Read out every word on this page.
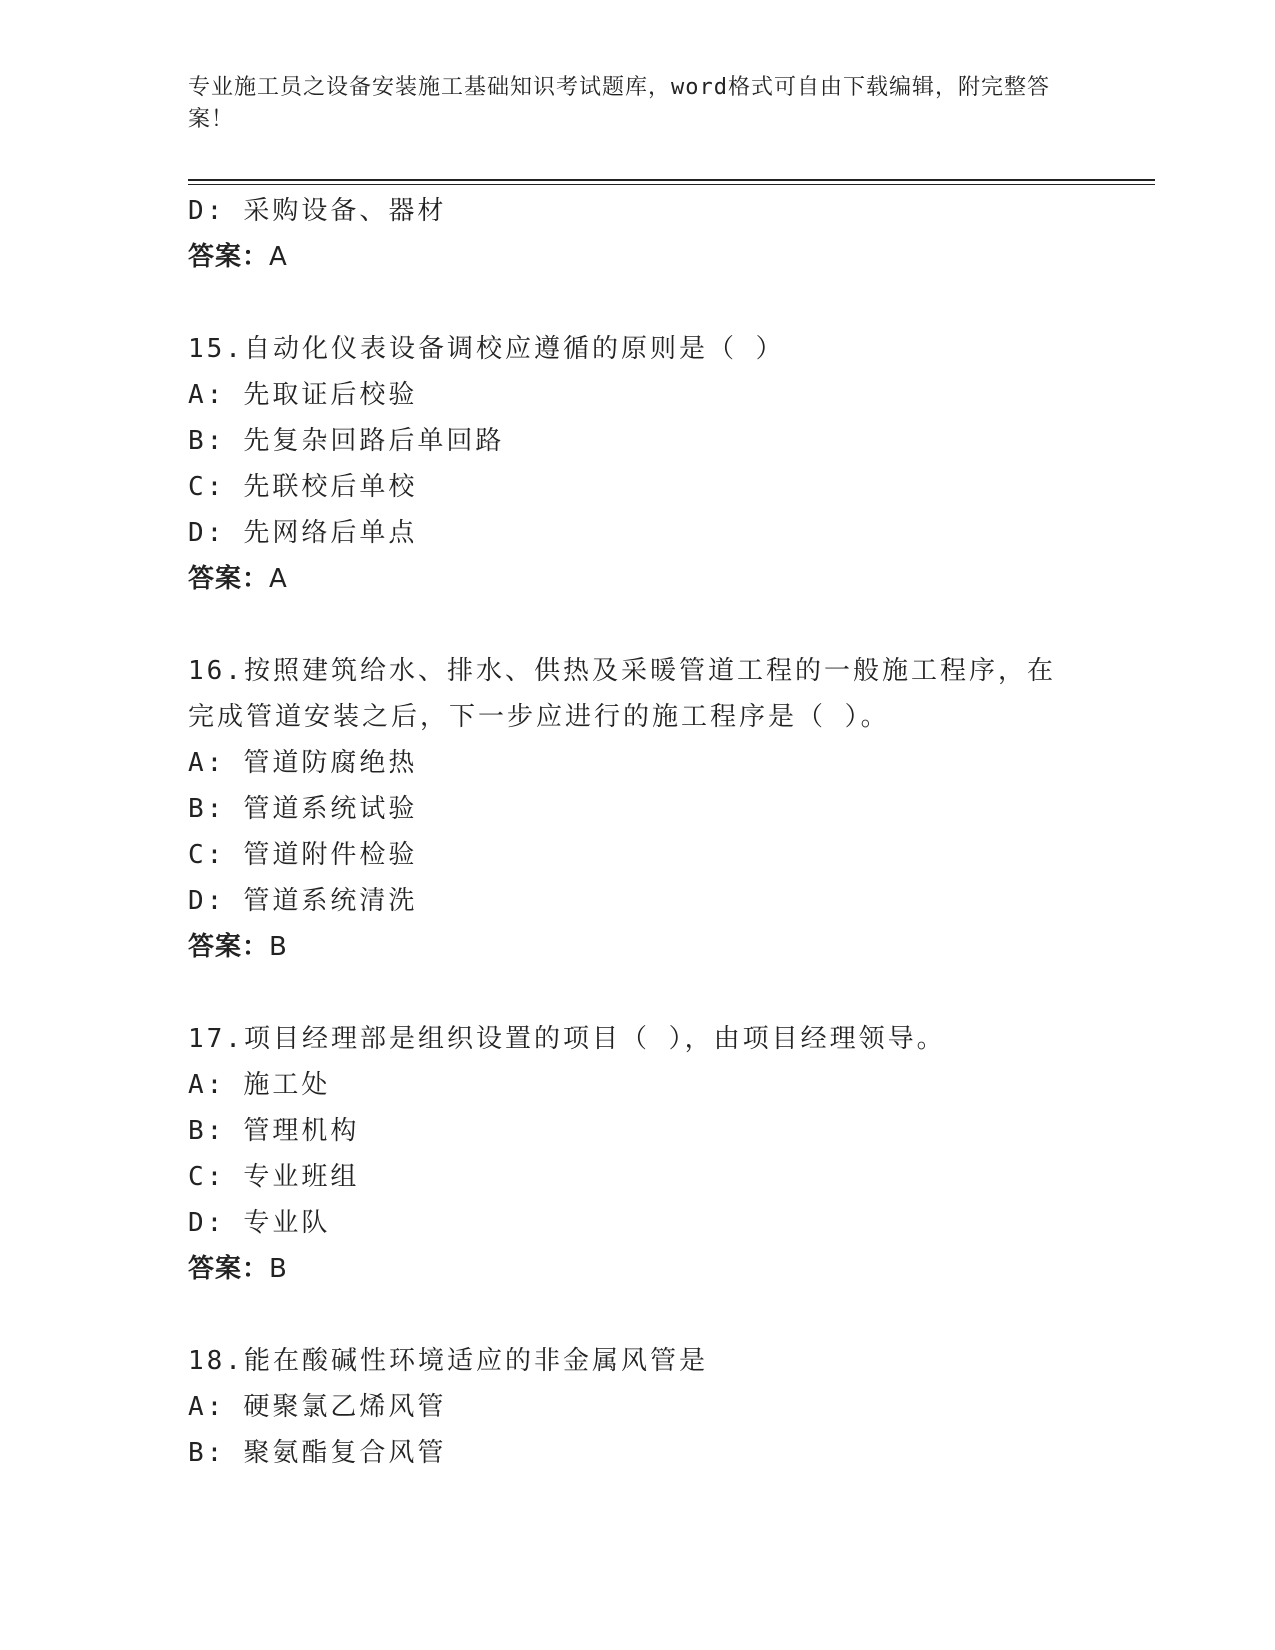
专业施工员之设备安装施工基础知识考试题库，word格式可自由下载编辑，附完整答案！
D: 采购设备、器材
答案：A
15.自动化仪表设备调校应遵循的原则是（ ）
A: 先取证后校验
B: 先复杂回路后单回路
C: 先联校后单校
D: 先网络后单点
答案：A
16.按照建筑给水、排水、供热及采暖管道工程的一般施工程序，在完成管道安装之后，下一步应进行的施工程序是（ ）。
A: 管道防腐绝热
B: 管道系统试验
C: 管道附件检验
D: 管道系统清洗
答案：B
17.项目经理部是组织设置的项目（ ），由项目经理领导。
A: 施工处
B: 管理机构
C: 专业班组
D: 专业队
答案：B
18.能在酸碱性环境适应的非金属风管是
A: 硬聚氯乙烯风管
B: 聚氨酯复合风管
